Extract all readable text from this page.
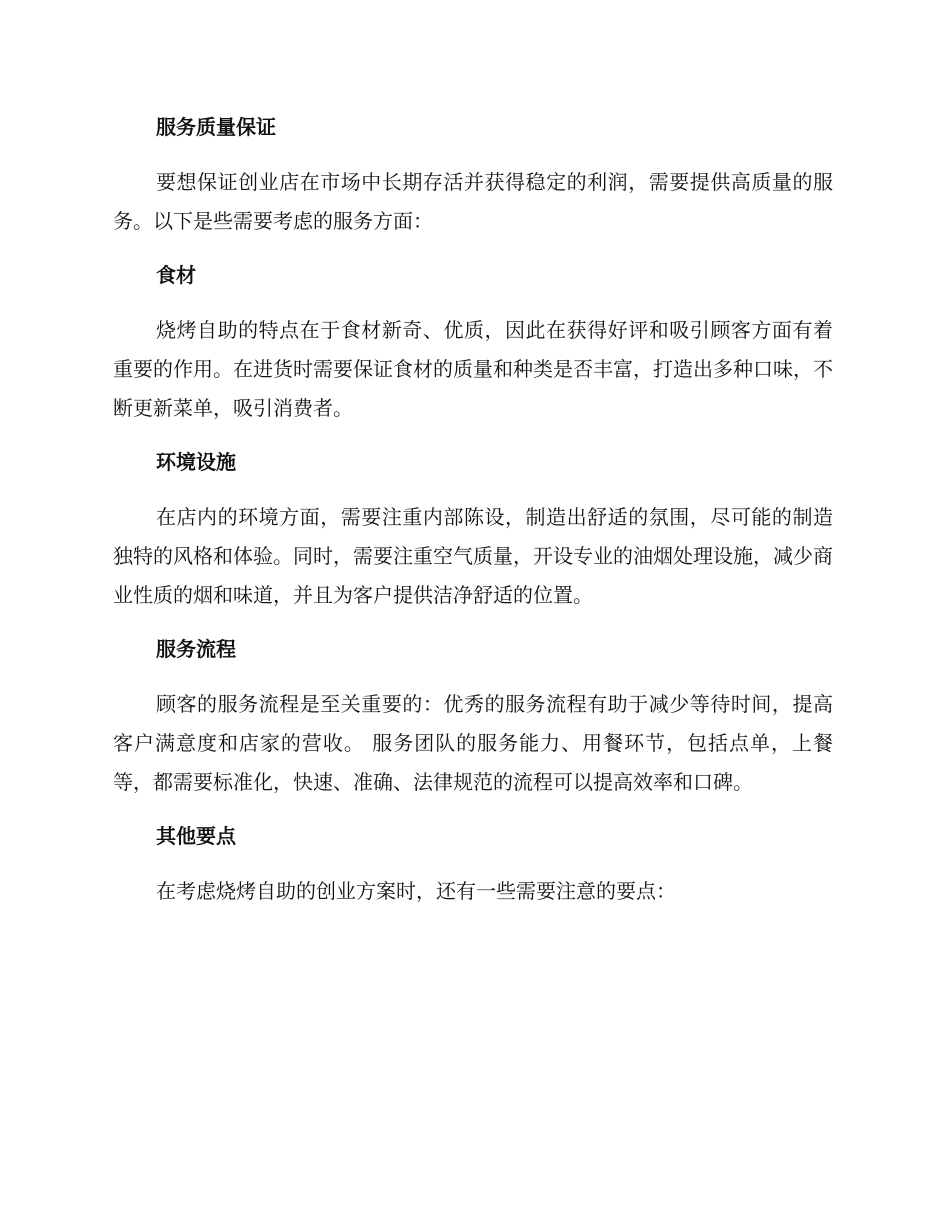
服务质量保证

要想保证创业店在市场中长期存活并获得稳定的利润，需要提供高质量的服务。以下是些需要考虑的服务方面：

食材

烧烤自助的特点在于食材新奇、优质，因此在获得好评和吸引顾客方面有着重要的作用。在进货时需要保证食材的质量和种类是否丰富，打造出多种口味，不断更新菜单，吸引消费者。

环境设施

在店内的环境方面，需要注重内部陈设，制造出舒适的氛围，尽可能的制造独特的风格和体验。同时，需要注重空气质量，开设专业的油烟处理设施，减少商业性质的烟和味道，并且为客户提供洁净舒适的位置。

服务流程

顾客的服务流程是至关重要的：优秀的服务流程有助于减少等待时间，提高客户满意度和店家的营收。 服务团队的服务能力、用餐环节，包括点单，上餐等，都需要标准化，快速、准确、法律规范的流程可以提高效率和口碑。

其他要点

在考虑烧烤自助的创业方案时，还有一些需要注意的要点：
